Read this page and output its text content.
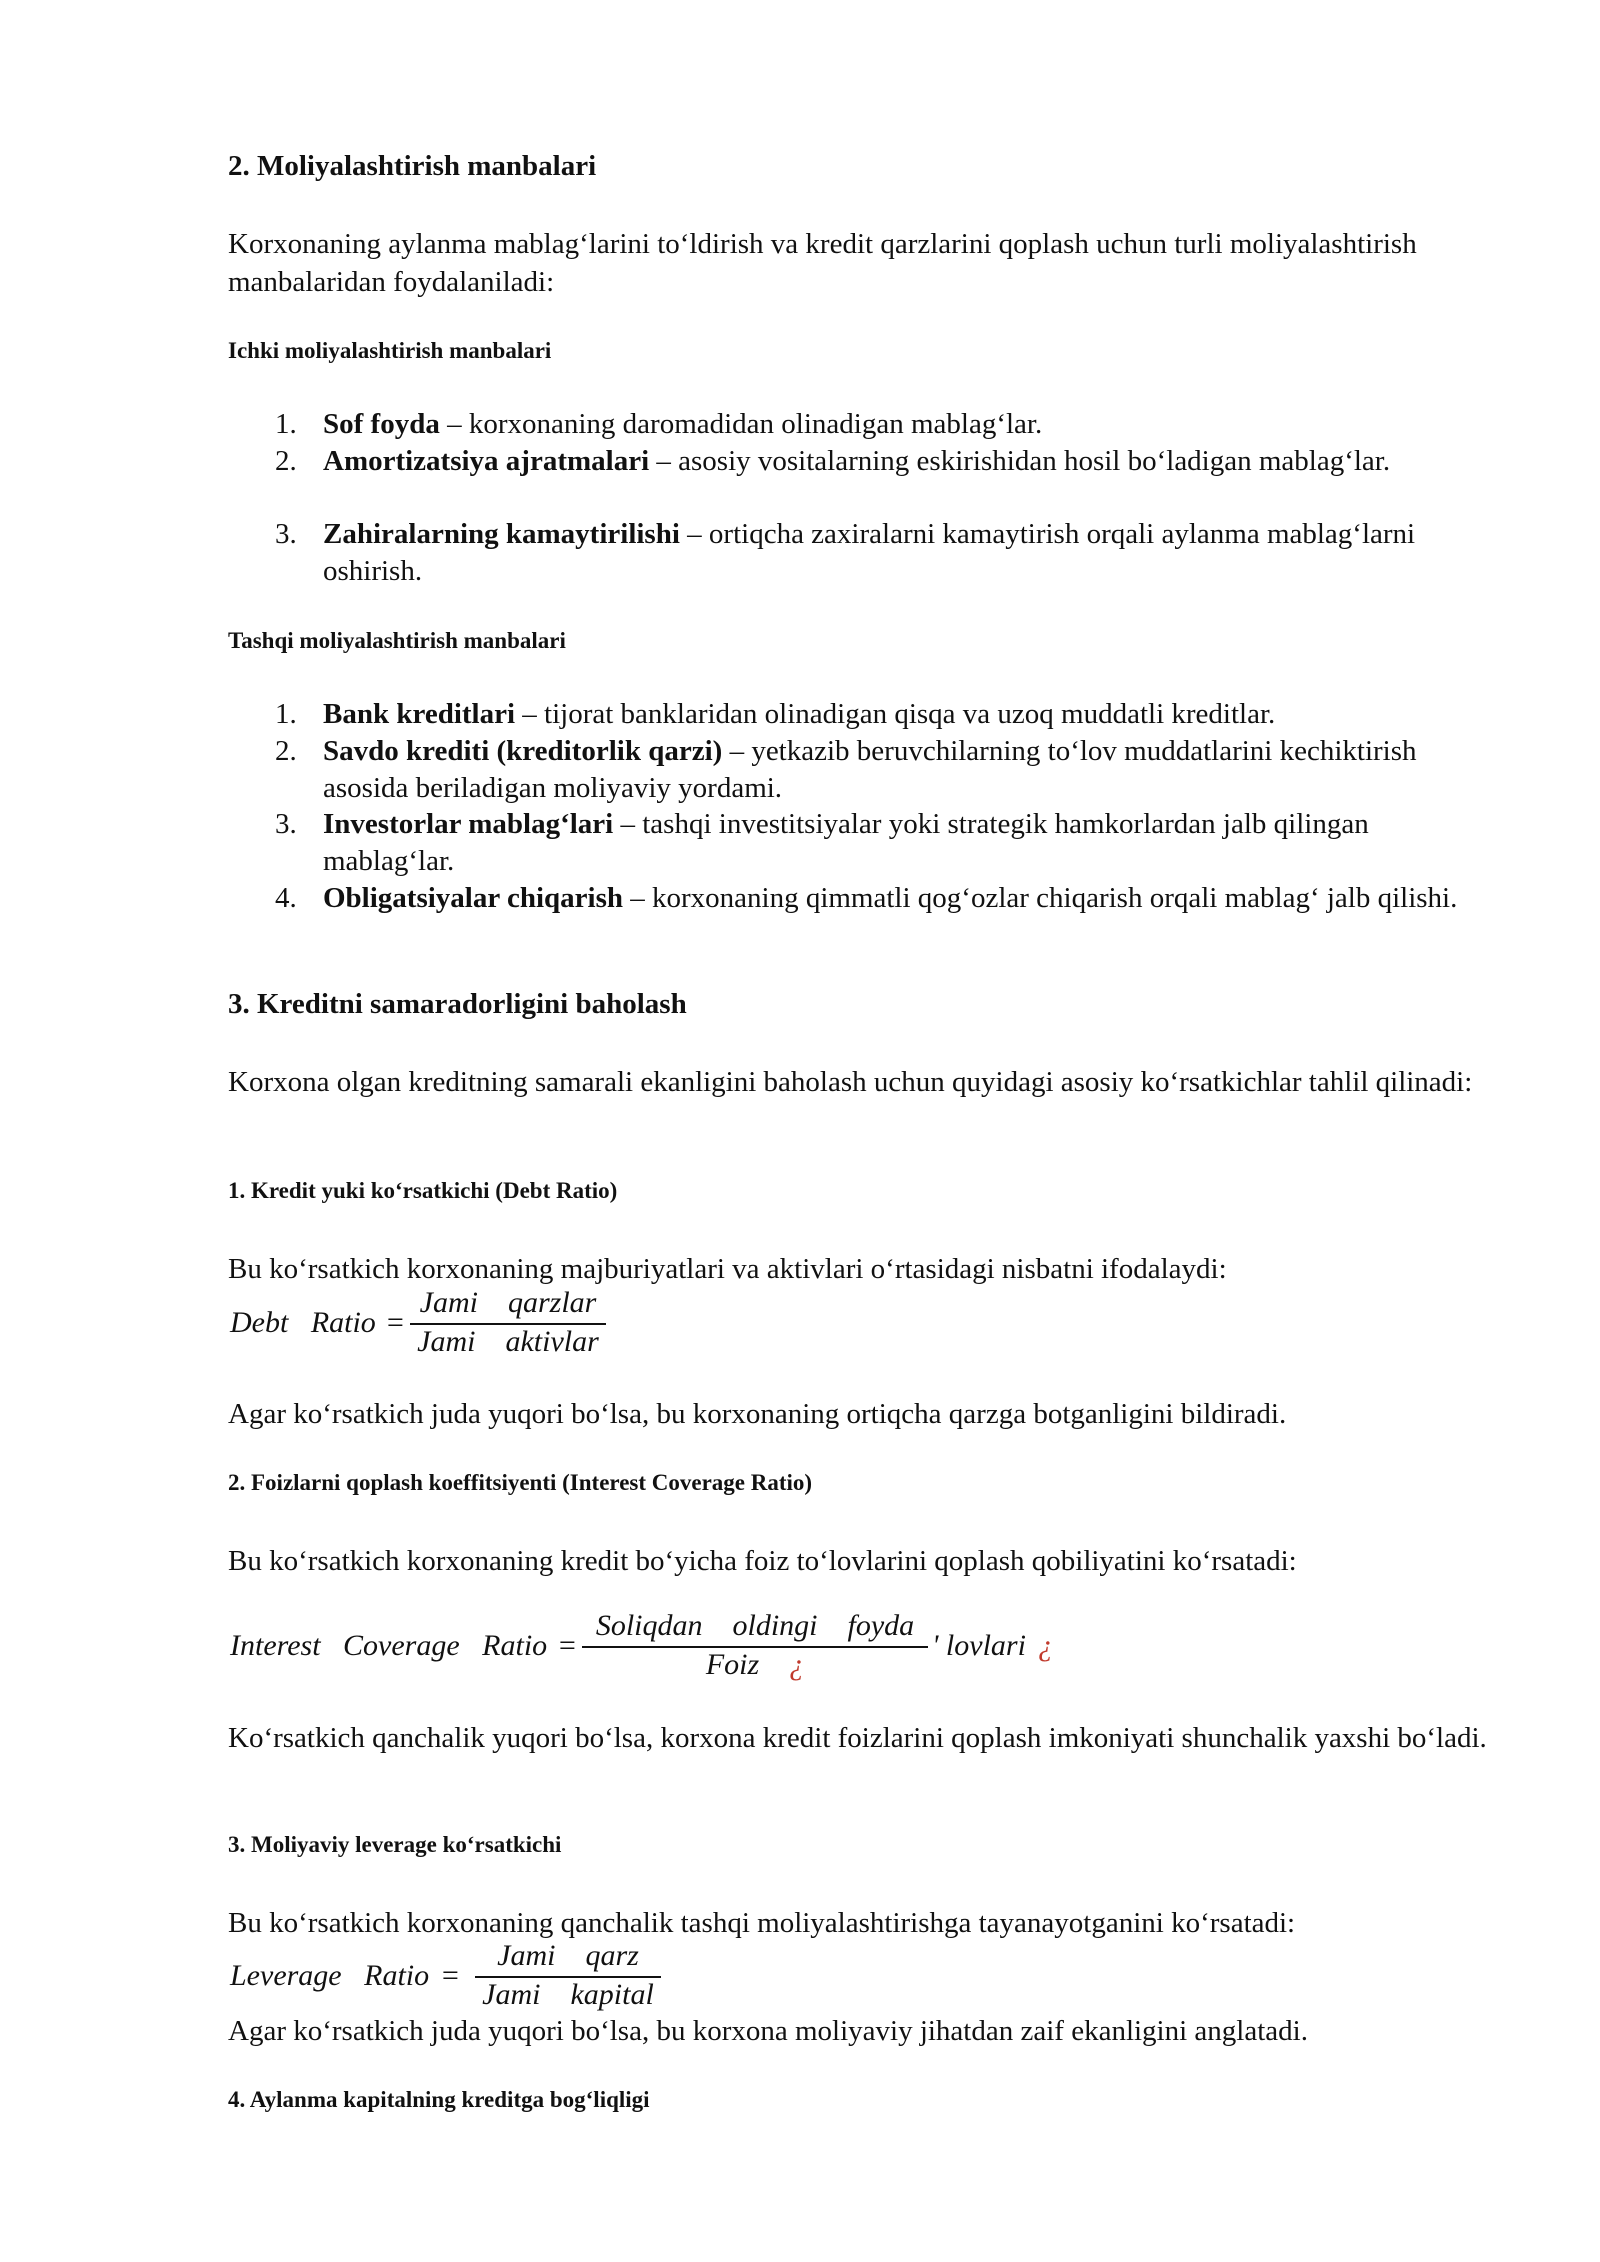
2. Moliyalashtirish manbalari

Korxonaning aylanma mablag‘larini to‘ldirish va kredit qarzlarini qoplash uchun turli moliyalashtirish manbalaridan foydalaniladi:

Ichki moliyalashtirish manbalari
1. Sof foyda – korxonaning daromadidan olinadigan mablag‘lar.
2. Amortizatsiya ajratmalari – asosiy vositalarning eskirishidan hosil bo‘ladigan mablag‘lar.
3. Zahiralarning kamaytirilishi – ortiqcha zaxiralarni kamaytirish orqali aylanma mablag‘larni oshirish.
Tashqi moliyalashtirish manbalari
1. Bank kreditlari – tijorat banklaridan olinadigan qisqa va uzoq muddatli kreditlar.
2. Savdo krediti (kreditorlik qarzi) – yetkazib beruvchilarning to‘lov muddatlarini kechiktirish asosida beriladigan moliyaviy yordami.
3. Investorlar mablag‘lari – tashqi investitsiyalar yoki strategik hamkorlardan jalb qilingan mablag‘lar.
4. Obligatsiyalar chiqarish – korxonaning qimmatli qog‘ozlar chiqarish orqali mablag‘ jalb qilishi.
3. Kreditni samaradorligini baholash

Korxona olgan kreditning samarali ekanligini baholash uchun quyidagi asosiy ko‘rsatkichlar tahlil qilinadi:

1. Kredit yuki ko‘rsatkichi (Debt Ratio)

Bu ko‘rsatkich korxonaning majburiyatlari va aktivlari o‘rtasidagi nisbatni ifodalaydi:

Debt   Ratio =
Jami    qarzlar
Jami    aktivlar

Agar ko‘rsatkich juda yuqori bo‘lsa, bu korxonaning ortiqcha qarzga botganligini bildiradi.

2. Foizlarni qoplash koeffitsiyenti (Interest Coverage Ratio)

Bu ko‘rsatkich korxonaning kredit bo‘yicha foiz to‘lovlarini qoplash qobiliyatini ko‘rsatadi:

Interest   Coverage   Ratio =
Soliqdan    oldingi    foyda
Foiz ¿
' lovlari ¿

Ko‘rsatkich qanchalik yuqori bo‘lsa, korxona kredit foizlarini qoplash imkoniyati shunchalik yaxshi bo‘ladi.

3. Moliyaviy leverage ko‘rsatkichi

Bu ko‘rsatkich korxonaning qanchalik tashqi moliyalashtirishga tayanayotganini ko‘rsatadi:

Leverage   Ratio =
Jami    qarz
Jami    kapital

Agar ko‘rsatkich juda yuqori bo‘lsa, bu korxona moliyaviy jihatdan zaif ekanligini anglatadi.

4. Aylanma kapitalning kreditga bog‘liqligi
